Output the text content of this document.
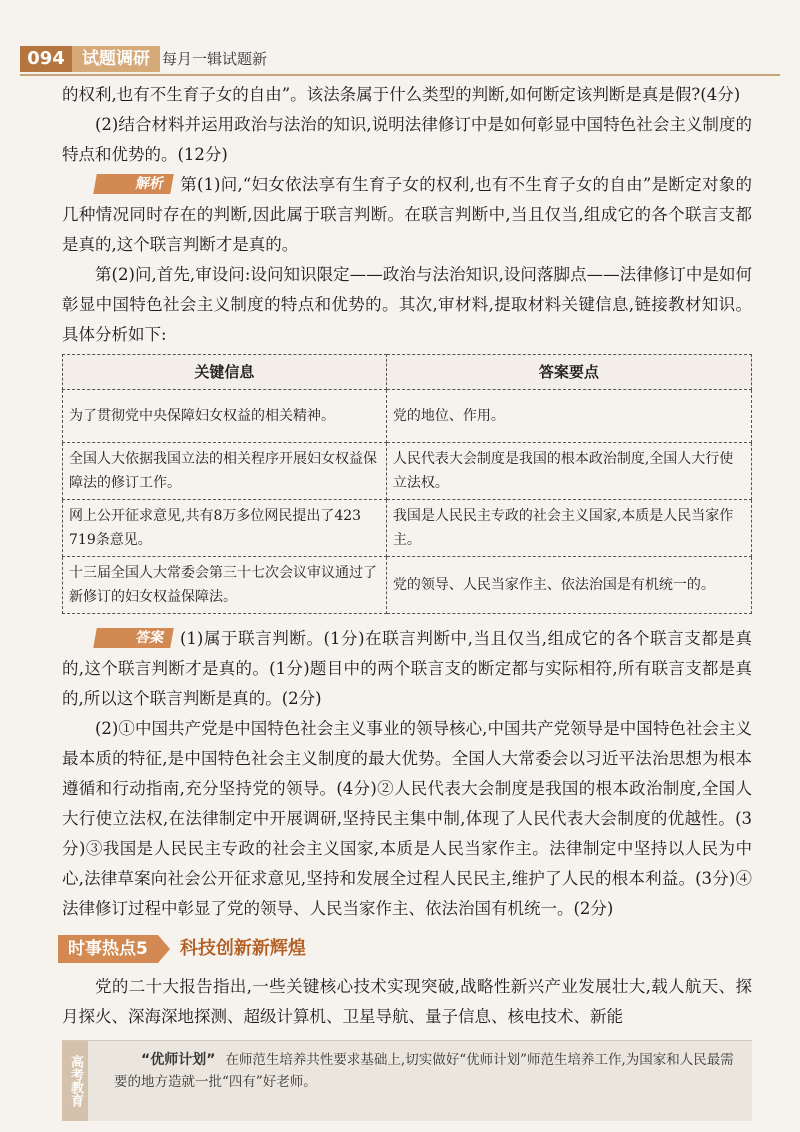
094	试题调研 每月一辑试题新

的权利,也有不生育子女的自由”。该法条属于什么类型的判断,如何断定该判断是真是假?(4分)

(2)结合材料并运用政治与法治的知识,说明法律修订中是如何彰显中国特色社会主义制度的特点和优势的。(12分)

解析 第(1)问,“妇女依法享有生育子女的权利,也有不生育子女的自由”是断定对象的几种情况同时存在的判断,因此属于联言判断。在联言判断中,当且仅当,组成它的各个联言支都是真的,这个联言判断才是真的。

第(2)问,首先,审设问:设问知识限定——政治与法治知识,设问落脚点——法律修订中是如何彰显中国特色社会主义制度的特点和优势的。其次,审材料,提取材料关键信息,链接教材知识。具体分析如下:

关键信息	答案要点
为了贯彻党中央保障妇女权益的相关精神。	党的地位、作用。
全国人大依据我国立法的相关程序开展妇女权益保障法的修订工作。	人民代表大会制度是我国的根本政治制度,全国人大行使立法权。
网上公开征求意见,共有8万多位网民提出了423 719条意见。	我国是人民民主专政的社会主义国家,本质是人民当家作主。
十三届全国人大常委会第三十七次会议审议通过了新修订的妇女权益保障法。	党的领导、人民当家作主、依法治国是有机统一的。

答案 (1)属于联言判断。(1分)在联言判断中,当且仅当,组成它的各个联言支都是真的,这个联言判断才是真的。(1分)题目中的两个联言支的断定都与实际相符,所有联言支都是真的,所以这个联言判断是真的。(2分)

(2)①中国共产党是中国特色社会主义事业的领导核心,中国共产党领导是中国特色社会主义最本质的特征,是中国特色社会主义制度的最大优势。全国人大常委会以习近平法治思想为根本遵循和行动指南,充分坚持党的领导。(4分)②人民代表大会制度是我国的根本政治制度,全国人大行使立法权,在法律制定中开展调研,坚持民主集中制,体现了人民代表大会制度的优越性。(3分)③我国是人民民主专政的社会主义国家,本质是人民当家作主。法律制定中坚持以人民为中心,法律草案向社会公开征求意见,坚持和发展全过程人民民主,维护了人民的根本利益。(3分)④法律修订过程中彰显了党的领导、人民当家作主、依法治国有机统一。(2分)

时事热点5	科技创新新辉煌

党的二十大报告指出,一些关键核心技术实现突破,战略性新兴产业发展壮大,载人航天、探月探火、深海深地探测、超级计算机、卫星导航、量子信息、核电技术、新能

高考教育	“优师计划” 在师范生培养共性要求基础上,切实做好“优师计划”师范生培养工作,为国家和人民最需要的地方造就一批“四有”好老师。
